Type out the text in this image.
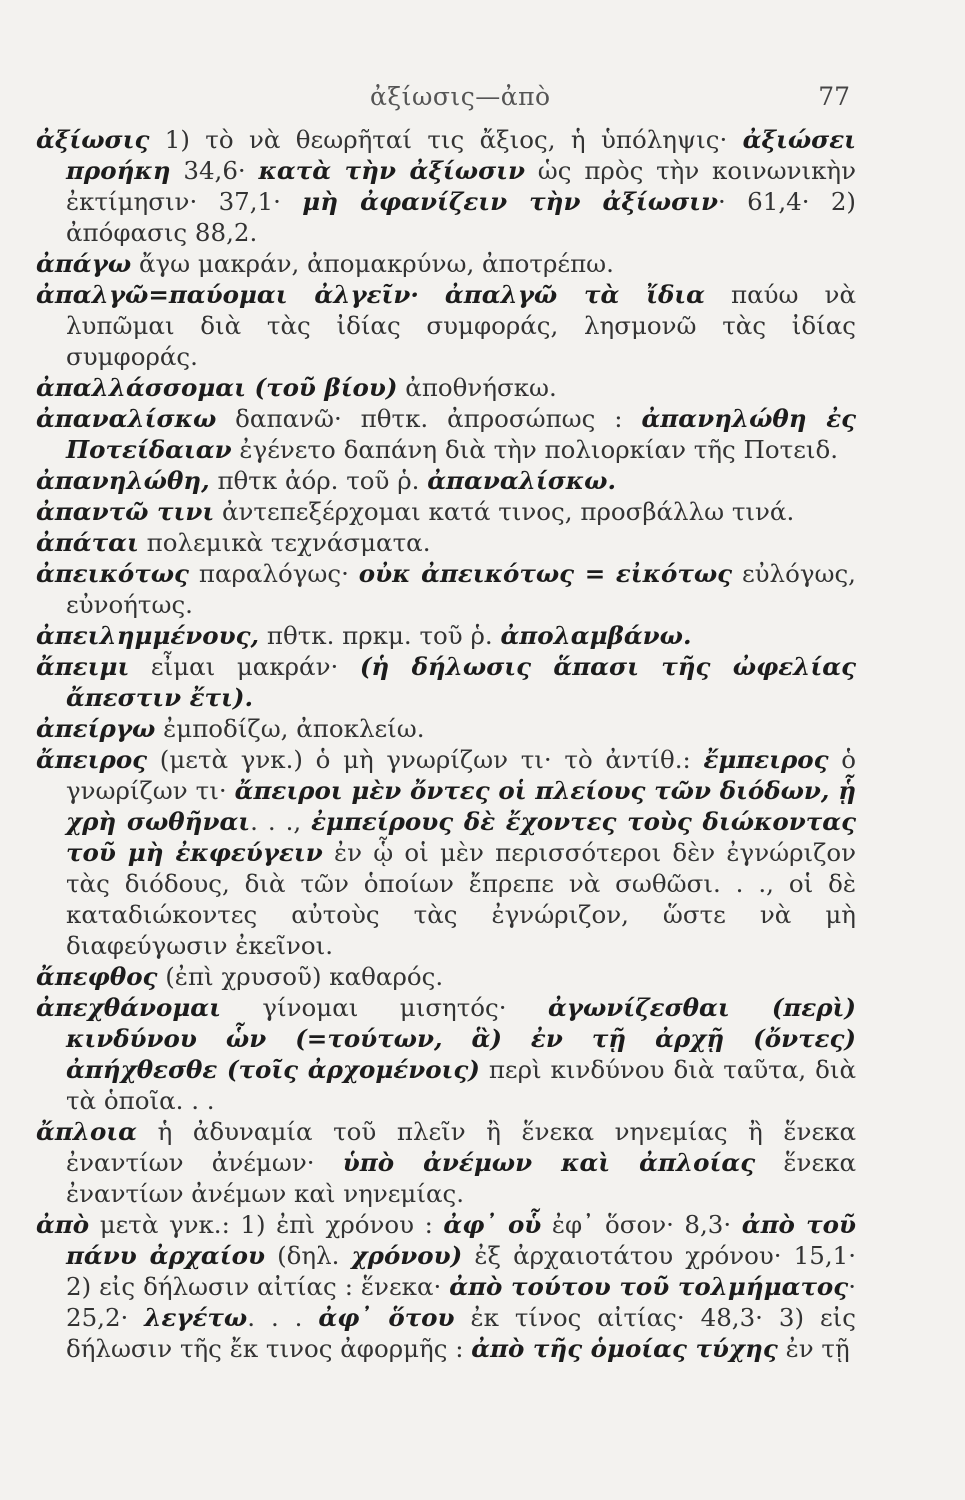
ἀξίωσις—ἀπὸ	77

ἀξίωσις 1) τὸ νὰ θεωρῆταί τις ἄξιος, ἡ ὑπόληψις· ἀξιώσει προήκη 34,6· κατὰ τὴν ἀξίωσιν ὡς πρὸς τὴν κοινωνικὴν ἐκτίμησιν· 37,1· μὴ ἀφανίζειν τὴν ἀξίωσιν· 61,4· 2) ἀπόφασις 88,2.

ἀπάγω ἄγω μακράν, ἀπομακρύνω, ἀποτρέπω.

ἀπαλγῶ=παύομαι ἀλγεῖν· ἀπαλγῶ τὰ ἴδια παύω νὰ λυπῶμαι διὰ τὰς ἰδίας συμφοράς, λησμονῶ τὰς ἰδίας συμφοράς.

ἀπαλλάσσομαι (τοῦ βίου) ἀποθνήσκω.

ἀπαναλίσκω δαπανῶ· πθτκ. ἀπροσώπως : ἀπανηλώθη ἐς Ποτείδαιαν ἐγένετο δαπάνη διὰ τὴν πολιορκίαν τῆς Ποτειδ.

ἀπανηλώθη, πθτκ ἀόρ. τοῦ ῥ. ἀπαναλίσκω.

ἀπαντῶ τινι ἀντεπεξέρχομαι κατά τινος, προσβάλλω τινά.

ἀπάται πολεμικὰ τεχνάσματα.

ἀπεικότως παραλόγως· οὐκ ἀπεικότως = εἰκότως εὐλόγως, εὐνοήτως.

ἀπειλημμένους, πθτκ. πρκμ. τοῦ ῥ. ἀπολαμβάνω.

ἄπειμι εἶμαι μακράν· (ἡ δήλωσις ἅπασι τῆς ὠφελίας ἄπεστιν ἔτι).

ἀπείργω ἐμποδίζω, ἀποκλείω.

ἄπειρος (μετὰ γνκ.) ὁ μὴ γνωρίζων τι· τὸ ἀντίθ.: ἔμπειρος ὁ γνωρίζων τι· ἄπειροι μὲν ὄντες οἱ πλείους τῶν διόδων, ᾗ χρὴ σωθῆναι. . ., ἐμπείρους δὲ ἔχοντες τοὺς διώκοντας τοῦ μὴ ἐκφεύγειν ἐν ᾧ οἱ μὲν περισσότεροι δὲν ἐγνώριζον τὰς διόδους, διὰ τῶν ὁποίων ἔπρεπε νὰ σωθῶσι. . ., οἱ δὲ καταδιώκοντες αὐτοὺς τὰς ἐγνώριζον, ὥστε νὰ μὴ διαφεύγωσιν ἐκεῖνοι.

ἄπεφθος (ἐπὶ χρυσοῦ) καθαρός.

ἀπεχθάνομαι γίνομαι μισητός· ἀγωνίζεσθαι (περὶ) κινδύνου ὧν (=τούτων, ἃ) ἐν τῇ ἀρχῇ (ὄντες) ἀπήχθεσθε (τοῖς ἀρχομένοις) περὶ κινδύνου διὰ ταῦτα, διὰ τὰ ὁποῖα. . .

ἄπλοια ἡ ἀδυναμία τοῦ πλεῖν ἢ ἕνεκα νηνεμίας ἢ ἕνεκα ἐναντίων ἀνέμων· ὑπὸ ἀνέμων καὶ ἀπλοίας ἕνεκα ἐναντίων ἀνέμων καὶ νηνεμίας.

ἀπὸ μετὰ γνκ.: 1) ἐπὶ χρόνου : ἀφ᾽ οὗ ἐφ᾽ ὅσον· 8,3· ἀπὸ τοῦ πάνυ ἀρχαίου (δηλ. χρόνου) ἐξ ἀρχαιοτάτου χρόνου· 15,1· 2) εἰς δήλωσιν αἰτίας : ἕνεκα· ἀπὸ τούτου τοῦ τολμήματος· 25,2· λεγέτω. . . ἀφ᾽ ὅτου ἐκ τίνος αἰτίας· 48,3· 3) εἰς δήλωσιν τῆς ἔκ τινος ἀφορμῆς : ἀπὸ τῆς ὁμοίας τύχης ἐν τῇ
